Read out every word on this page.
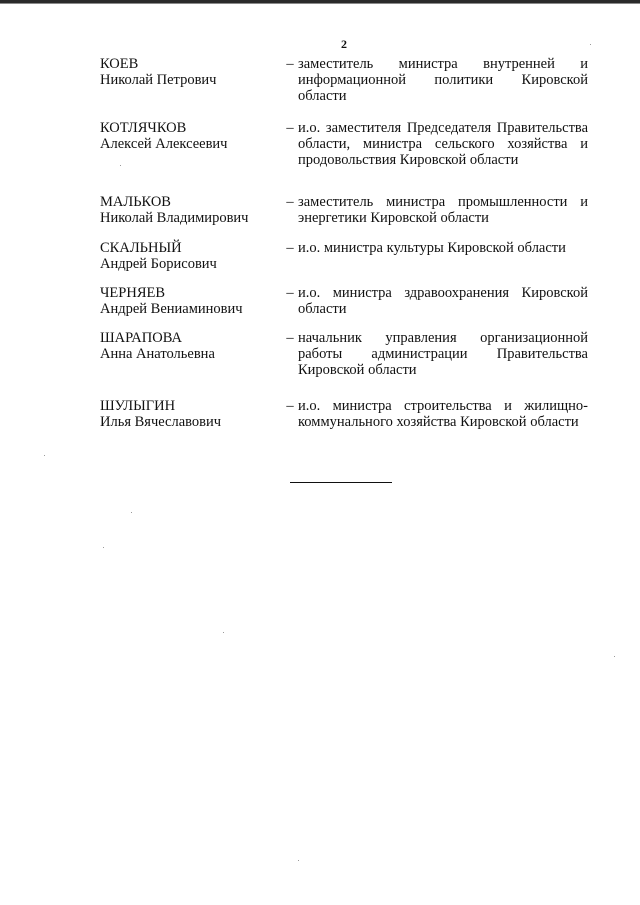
2
КОЕВ
Николай Петрович
– заместитель министра внутренней и информационной политики Кировской области
КОТЛЯЧКОВ
Алексей Алексеевич
– и.о. заместителя Председателя Правительства области, министра сельского хозяйства и продовольствия Кировской области
МАЛЬКОВ
Николай Владимирович
– заместитель министра промышленности и энергетики Кировской области
СКАЛЬНЫЙ
Андрей Борисович
– и.о. министра культуры Кировской области
ЧЕРНЯЕВ
Андрей Вениаминович
– и.о. министра здравоохранения Кировской области
ШАРАПОВА
Анна Анатольевна
– начальник управления организационной работы администрации Правительства Кировской области
ШУЛЫГИН
Илья Вячеславович
– и.о. министра строительства и жилищно-коммунального хозяйства Кировской области
